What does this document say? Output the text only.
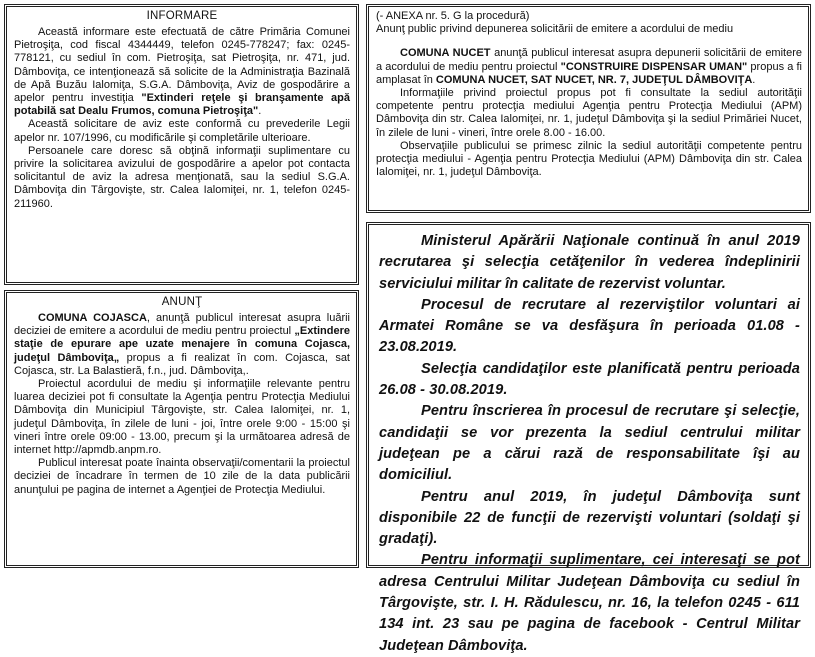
INFORMARE

Această informare este efectuată de către Primăria Comunei Pietroşiţa, cod fiscal 4344449, telefon 0245-778247; fax: 0245-778121, cu sediul în com. Pietroşiţa, sat Pietroşiţa, nr. 471, jud. Dâmboviţa, ce intenţionează să solicite de la Administraţia Bazinală de Apă Buzău Ialomiţa, S.G.A. Dâmboviţa, Aviz de gospodărire a apelor pentru investiţia "Extinderi reţele şi branşamente apă potabilă sat Dealu Frumos, comuna Pietroşiţa".

Aceastǎ solicitare de aviz este conformă cu prevederile Legii apelor nr. 107/1996, cu modificările şi completările ulterioare.

Persoanele care doresc să obţină informaţii suplimentare cu privire la solicitarea avizului de gospodărire a apelor pot contacta solicitantul de aviz la adresa menţionată, sau la sediul S.G.A. Dâmboviţa din Târgovişte, str. Calea Ialomiţei, nr. 1, telefon 0245-211960.

ANUNŢ

COMUNA COJASCA, anunţă publicul interesat asupra luării deciziei de emitere a acordului de mediu pentru proiectul „Extindere staţie de epurare ape uzate menajere în comuna Cojasca, judeţul Dâmboviţa„ propus a fi realizat în com. Cojasca, sat Cojasca, str. La Balastieră, f.n., jud. Dâmboviţa,.

Proiectul acordului de mediu şi informaţiile relevante pentru luarea deciziei pot fi consultate la Agenţia pentru Protecţia Mediului Dâmboviţa din Municipiul Târgovişte, str. Calea Ialomiţei, nr. 1, judeţul Dâmboviţa, în zilele de luni - joi, între orele 9:00 - 15:00 şi vineri între orele 09:00 - 13.00, precum şi la următoarea adresă de internet http://apmdb.anpm.ro.

Publicul interesat poate înainta observaţii/comentarii la proiectul deciziei de încadrare în termen de 10 zile de la data publicării anunţului pe pagina de internet a Agenţiei de Protecţia Mediului.

(- ANEXA nr. 5. G la procedură)

Anunţ public privind depunerea solicitării de emitere a acordului de mediu

COMUNA NUCET anunţă publicul interesat asupra depunerii solicitării de emitere a acordului de mediu pentru proiectul "CONSTRUIRE DISPENSAR UMAN" propus a fi amplasat în COMUNA NUCET, SAT NUCET, NR. 7, JUDEŢUL DÂMBOVIŢA.

Informaţiile privind proiectul propus pot fi consultate la sediul autorităţii competente pentru protecţia mediului Agenţia pentru Protecţia Mediului (APM) Dâmboviţa din str. Calea Ialomiţei, nr. 1, judeţul Dâmboviţa şi la sediul Primăriei Nucet, în zilele de luni - vineri, între orele 8.00 - 16.00.

Observaţiile publicului se primesc zilnic la sediul autorităţii competente pentru protecţia mediului - Agenţia pentru Protecţia Mediului (APM) Dâmboviţa din str. Calea Ialomiţei, nr. 1, judeţul Dâmboviţa.

Ministerul Apărării Naţionale continuă în anul 2019 recrutarea şi selecţia cetăţenilor în vederea îndeplinirii serviciului militar în calitate de rezervist voluntar.

Procesul de recrutare al rezerviştilor voluntari ai Armatei Române se va desfăşura în perioada 01.08 - 23.08.2019.

Selecţia candidaţilor este planificată pentru perioada 26.08 - 30.08.2019.

Pentru înscrierea în procesul de recrutare şi selecţie, candidaţii se vor prezenta la sediul centrului militar judeţean pe a cărui rază de responsabilitate îşi au domiciliul.

Pentru anul 2019, în judeţul Dâmboviţa sunt disponibile 22 de funcţii de rezervişti voluntari (soldaţi şi gradaţi).

Pentru informaţii suplimentare, cei interesaţi se pot adresa Centrului Militar Judeţean Dâmboviţa cu sediul în Târgovişte, str. I. H. Rădulescu, nr. 16, la telefon 0245 - 611 134 int. 23 sau pe pagina de facebook - Centrul Militar Judeţean Dâmboviţa.
